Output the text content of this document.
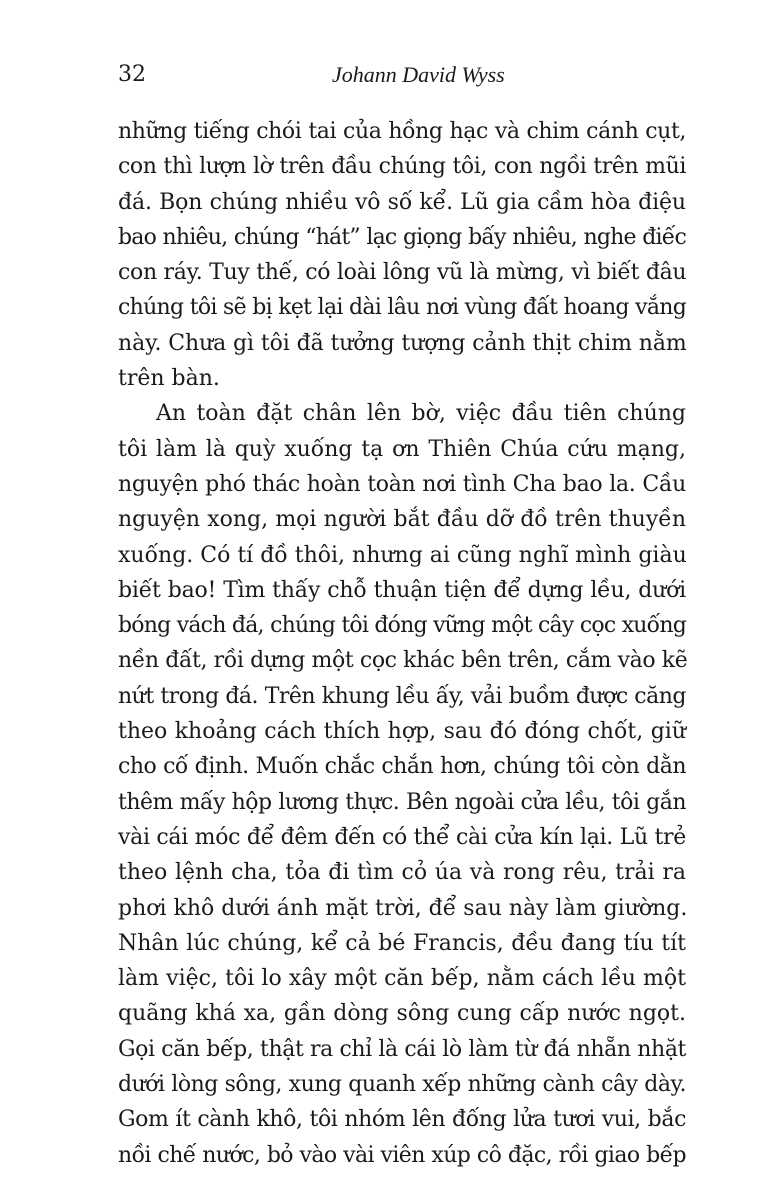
32	Johann David Wyss
những tiếng chói tai của hồng hạc và chim cánh cụt,
con thì lượn lờ trên đầu chúng tôi, con ngồi trên mũi
đá. Bọn chúng nhiều vô số kể. Lũ gia cầm hòa điệu
bao nhiêu, chúng “hát” lạc giọng bấy nhiêu, nghe điếc
con ráy. Tuy thế, có loài lông vũ là mừng, vì biết đâu
chúng tôi sẽ bị kẹt lại dài lâu nơi vùng đất hoang vắng
này. Chưa gì tôi đã tưởng tượng cảnh thịt chim nằm
trên bàn.
An toàn đặt chân lên bờ, việc đầu tiên chúng
tôi làm là quỳ xuống tạ ơn Thiên Chúa cứu mạng,
nguyện phó thác hoàn toàn nơi tình Cha bao la. Cầu
nguyện xong, mọi người bắt đầu dỡ đồ trên thuyền
xuống. Có tí đồ thôi, nhưng ai cũng nghĩ mình giàu
biết bao! Tìm thấy chỗ thuận tiện để dựng lều, dưới
bóng vách đá, chúng tôi đóng vững một cây cọc xuống
nền đất, rồi dựng một cọc khác bên trên, cắm vào kẽ
nứt trong đá. Trên khung lều ấy, vải buồm được căng
theo khoảng cách thích hợp, sau đó đóng chốt, giữ
cho cố định. Muốn chắc chắn hơn, chúng tôi còn dằn
thêm mấy hộp lương thực. Bên ngoài cửa lều, tôi gắn
vài cái móc để đêm đến có thể cài cửa kín lại. Lũ trẻ
theo lệnh cha, tỏa đi tìm cỏ úa và rong rêu, trải ra
phơi khô dưới ánh mặt trời, để sau này làm giường.
Nhân lúc chúng, kể cả bé Francis, đều đang tíu tít
làm việc, tôi lo xây một căn bếp, nằm cách lều một
quãng khá xa, gần dòng sông cung cấp nước ngọt.
Gọi căn bếp, thật ra chỉ là cái lò làm từ đá nhẵn nhặt
dưới lòng sông, xung quanh xếp những cành cây dày.
Gom ít cành khô, tôi nhóm lên đống lửa tươi vui, bắc
nồi chế nước, bỏ vào vài viên xúp cô đặc, rồi giao bếp
